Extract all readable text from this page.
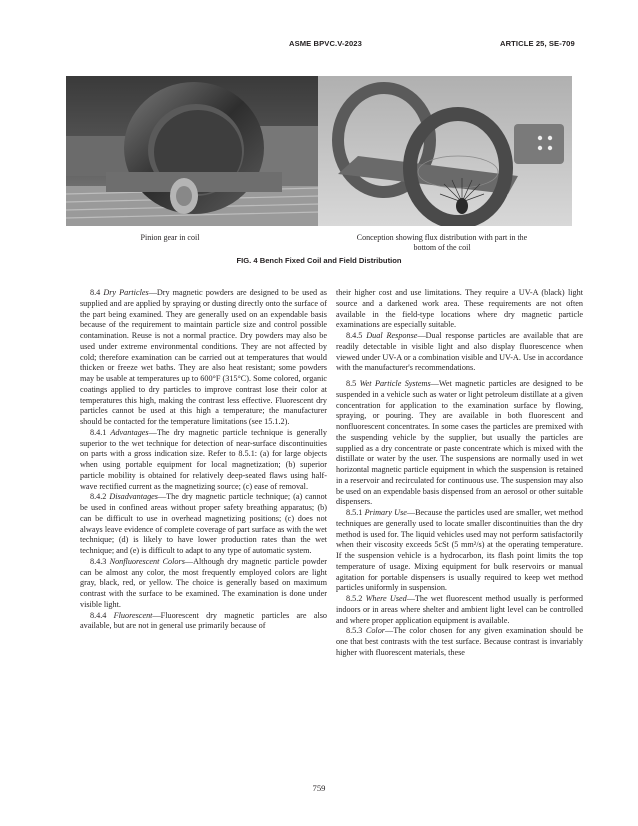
ASME BPVC.V-2023	ARTICLE 25, SE-709
Pinion gear in coil	Conception showing flux distribution with part in the bottom of the coil
FIG. 4 Bench Fixed Coil and Field Distribution

8.4 Dry Particles—Dry magnetic powders are designed to be used as supplied and are applied by spraying or dusting directly onto the surface of the part being examined. They are generally used on an expendable basis because of the requirement to maintain particle size and control possible contamination. Reuse is not a normal practice. Dry powders may also be used under extreme environmental conditions. They are not affected by cold; therefore examination can be carried out at temperatures that would thicken or freeze wet baths. They are also heat resistant; some powders may be usable at temperatures up to 600°F (315°C). Some colored, organic coatings applied to dry particles to improve contrast lose their color at temperatures this high, making the contrast less effective. Fluorescent dry particles cannot be used at this high a temperature; the manufacturer should be contacted for the temperature limitations (see 15.1.2).

8.4.1 Advantages—The dry magnetic particle technique is generally superior to the wet technique for detection of near-surface discontinuities on parts with a gross indication size. Refer to 8.5.1: (a) for large objects when using portable equipment for local magnetization; (b) superior particle mobility is obtained for relatively deep-seated flaws using half-wave rectified current as the magnetizing source; (c) ease of removal.

8.4.2 Disadvantages—The dry magnetic particle technique; (a) cannot be used in confined areas without proper safety breathing apparatus; (b) can be difficult to use in overhead magnetizing positions; (c) does not always leave evidence of complete coverage of part surface as with the wet technique; (d) is likely to have lower production rates than the wet technique; and (e) is difficult to adapt to any type of automatic system.

8.4.3 Nonfluorescent Colors—Although dry magnetic particle powder can be almost any color, the most frequently employed colors are light gray, black, red, or yellow. The choice is generally based on maximum contrast with the surface to be examined. The examination is done under visible light.

8.4.4 Fluorescent—Fluorescent dry magnetic particles are also available, but are not in general use primarily because of

their higher cost and use limitations. They require a UV-A (black) light source and a darkened work area. These requirements are not often available in the field-type locations where dry magnetic particle examinations are especially suitable.

8.4.5 Dual Response—Dual response particles are available that are readily detectable in visible light and also display fluorescence when viewed under UV-A or a combination visible and UV-A. Use in accordance with the manufacturer's recommendations.

8.5 Wet Particle Systems—Wet magnetic particles are designed to be suspended in a vehicle such as water or light petroleum distillate at a given concentration for application to the examination surface by flowing, spraying, or pouring. They are available in both fluorescent and nonfluorescent concentrates. In some cases the particles are premixed with the suspending vehicle by the supplier, but usually the particles are supplied as a dry concentrate or paste concentrate which is mixed with the distillate or water by the user. The suspensions are normally used in wet horizontal magnetic particle equipment in which the suspension is retained in a reservoir and recirculated for continuous use. The suspension may also be used on an expendable basis dispensed from an aerosol or other suitable dispensers.

8.5.1 Primary Use—Because the particles used are smaller, wet method techniques are generally used to locate smaller discontinuities than the dry method is used for. The liquid vehicles used may not perform satisfactorily when their viscosity exceeds 5cSt (5 mm²/s) at the operating temperature. If the suspension vehicle is a hydrocarbon, its flash point limits the top temperature of usage. Mixing equipment for bulk reservoirs or manual agitation for portable dispensers is usually required to keep wet method particles uniformly in suspension.

8.5.2 Where Used—The wet fluorescent method usually is performed indoors or in areas where shelter and ambient light level can be controlled and where proper application equipment is available.

8.5.3 Color—The color chosen for any given examination should be one that best contrasts with the test surface. Because contrast is invariably higher with fluorescent materials, these

759
